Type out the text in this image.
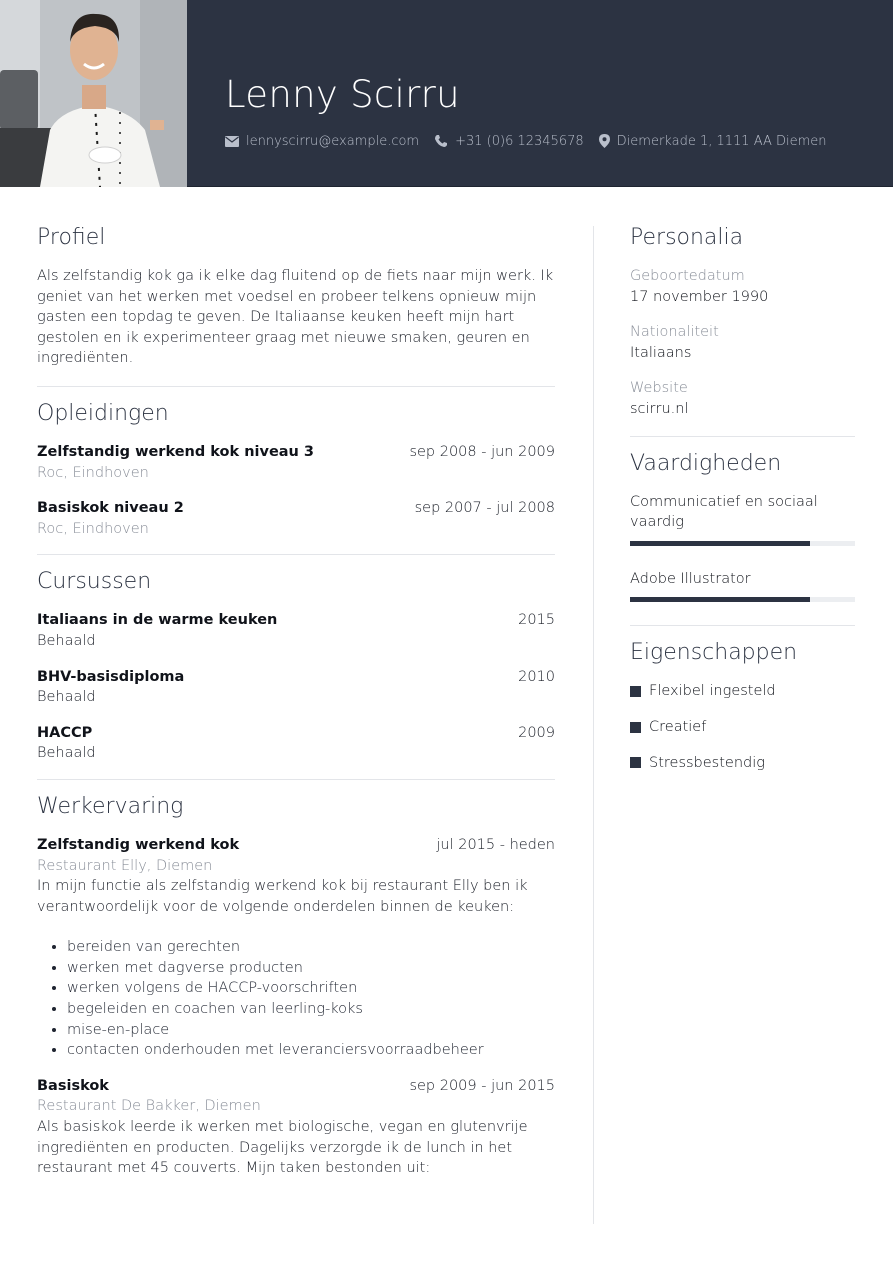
Lenny Scirru
lennyscirru@example.com	+31 (0)6 12345678	Diemerkade 1, 1111 AA Diemen
Profiel
Als zelfstandig kok ga ik elke dag fluitend op de fiets naar mijn werk. Ik geniet van het werken met voedsel en probeer telkens opnieuw mijn gasten een topdag te geven. De Italiaanse keuken heeft mijn hart gestolen en ik experimenteer graag met nieuwe smaken, geuren en ingrediënten.
Opleidingen
Zelfstandig werkend kok niveau 3	sep 2008 - jun 2009
Roc, Eindhoven
Basiskok niveau 2	sep 2007 - jul 2008
Roc, Eindhoven
Cursussen
Italiaans in de warme keuken	2015
Behaald
BHV-basisdiploma	2010
Behaald
HACCP	2009
Behaald
Werkervaring
Zelfstandig werkend kok	jul 2015 - heden
Restaurant Elly, Diemen
In mijn functie als zelfstandig werkend kok bij restaurant Elly ben ik verantwoordelijk voor de volgende onderdelen binnen de keuken:
• bereiden van gerechten
• werken met dagverse producten
• werken volgens de HACCP-voorschriften
• begeleiden en coachen van leerling-koks
• mise-en-place
• contacten onderhouden met leveranciersvoorraadbeheer
Basiskok	sep 2009 - jun 2015
Restaurant De Bakker, Diemen
Als basiskok leerde ik werken met biologische, vegan en glutenvrije ingrediënten en producten. Dagelijks verzorgde ik de lunch in het restaurant met 45 couverts. Mijn taken bestonden uit:
Personalia
Geboortedatum
17 november 1990
Nationaliteit
Italiaans
Website
scirru.nl
Vaardigheden
Communicatief en sociaal vaardig
Adobe Illustrator
Eigenschappen
Flexibel ingesteld
Creatief
Stressbestendig
